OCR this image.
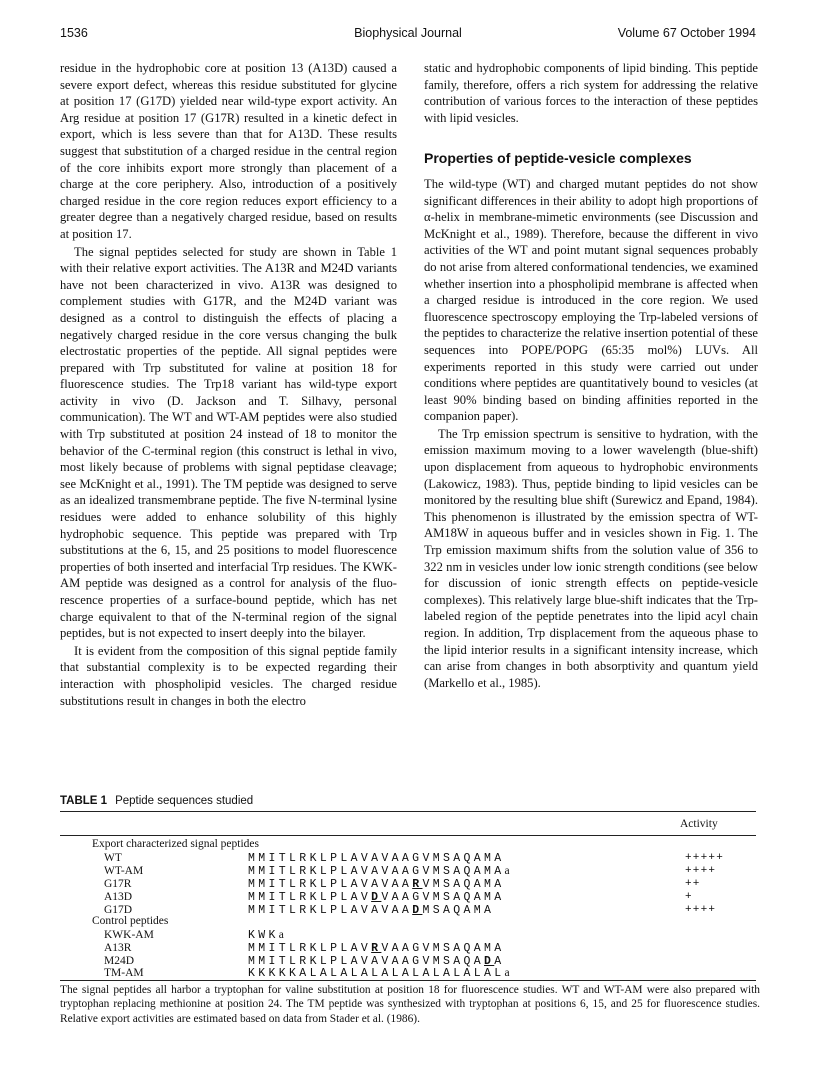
1536	Biophysical Journal	Volume 67 October 1994

residue in the hydrophobic core at position 13 (A13D) caused a severe export defect, whereas this residue substituted for glycine at position 17 (G17D) yielded near wild-type export activity. An Arg residue at position 17 (G17R) resulted in a kinetic defect in export, which is less severe than that for A13D. These results suggest that substitution of a charged residue in the central region of the core inhibits export more strongly than placement of a charge at the core periphery. Also, introduction of a positively charged residue in the core region reduces export efficiency to a greater degree than a negatively charged residue, based on results at position 17.

The signal peptides selected for study are shown in Table 1 with their relative export activities. The A13R and M24D variants have not been characterized in vivo. A13R was designed to complement studies with G17R, and the M24D variant was designed as a control to distinguish the effects of placing a negatively charged residue in the core versus changing the bulk electrostatic properties of the peptide. All signal peptides were prepared with Trp substituted for valine at position 18 for fluorescence studies. The Trp18 variant has wild-type export activity in vivo (D. Jackson and T. Silhavy, personal communication). The WT and WT-AM peptides were also studied with Trp substituted at position 24 instead of 18 to monitor the behavior of the C-terminal region (this construct is lethal in vivo, most likely because of problems with signal peptidase cleavage; see McKnight et al., 1991). The TM peptide was designed to serve as an idealized transmembrane peptide. The five N-terminal lysine residues were added to enhance solubility of this highly hydrophobic sequence. This peptide was prepared with Trp substitutions at the 6, 15, and 25 positions to model fluorescence properties of both inserted and interfacial Trp residues. The KWK-AM peptide was designed as a control for analysis of the fluorescence properties of a surface-bound peptide, which has net charge equivalent to that of the N-terminal region of the signal peptides, but is not expected to insert deeply into the bilayer.

It is evident from the composition of this signal peptide family that substantial complexity is to be expected regarding their interaction with phospholipid vesicles. The charged residue substitutions result in changes in both the electro

static and hydrophobic components of lipid binding. This peptide family, therefore, offers a rich system for addressing the relative contribution of various forces to the interaction of these peptides with lipid vesicles.

Properties of peptide-vesicle complexes

The wild-type (WT) and charged mutant peptides do not show significant differences in their ability to adopt high proportions of α-helix in membrane-mimetic environments (see Discussion and McKnight et al., 1989). Therefore, because the different in vivo activities of the WT and point mutant signal sequences probably do not arise from altered conformational tendencies, we examined whether insertion into a phospholipid membrane is affected when a charged residue is introduced in the core region. We used fluorescence spectroscopy employing the Trp-labeled versions of the peptides to characterize the relative insertion potential of these sequences into POPE/POPG (65:35 mol%) LUVs. All experiments reported in this study were carried out under conditions where peptides are quantitatively bound to vesicles (at least 90% binding based on binding affinities reported in the companion paper).

The Trp emission spectrum is sensitive to hydration, with the emission maximum moving to a lower wavelength (blue-shift) upon displacement from aqueous to hydrophobic environments (Lakowicz, 1983). Thus, peptide binding to lipid vesicles can be monitored by the resulting blue shift (Surewicz and Epand, 1984). This phenomenon is illustrated by the emission spectra of WT-AM18W in aqueous buffer and in vesicles shown in Fig. 1. The Trp emission maximum shifts from the solution value of 356 to 322 nm in vesicles under low ionic strength conditions (see below for discussion of ionic strength effects on peptide-vesicle complexes). This relatively large blue-shift indicates that the Trp-labeled region of the peptide penetrates into the lipid acyl chain region. In addition, Trp displacement from the aqueous phase to the lipid interior results in a significant intensity increase, which can arise from changes in both absorptivity and quantum yield (Markello et al., 1985).

TABLE 1 Peptide sequences studied
Activity
Export characterized signal peptides
Control peptides
WT	MMITLRKLPLAVAVAAGVMSAQAMA	+++++
WT-AM	MMITLRKLPLAVAVAAGVMSAQAMAa	++++
G17R	MMITLRKLPLAVAVAARVMSAQAMA	++
A13D	MMITLRKLPLAVDVAAGVMSAQAMA	+
G17D	MMITLRKLPLAVAVAADMSAQAMA	++++
KWK-AM	KWKa
A13R	MMITLRKLPLAVRVAAGVMSAQAMA
M24D	MMITLRKLPLAVAVAAGVMSAQADA
TM-AM	KKKKKALALALALALALALALALALa
The signal peptides all harbor a tryptophan for valine substitution at position 18 for fluorescence studies. WT and WT-AM were also prepared with tryptophan replacing methionine at position 24. The TM peptide was synthesized with tryptophan at positions 6, 15, and 25 for fluorescence studies. Relative export activities are estimated based on data from Stader et al. (1986).
